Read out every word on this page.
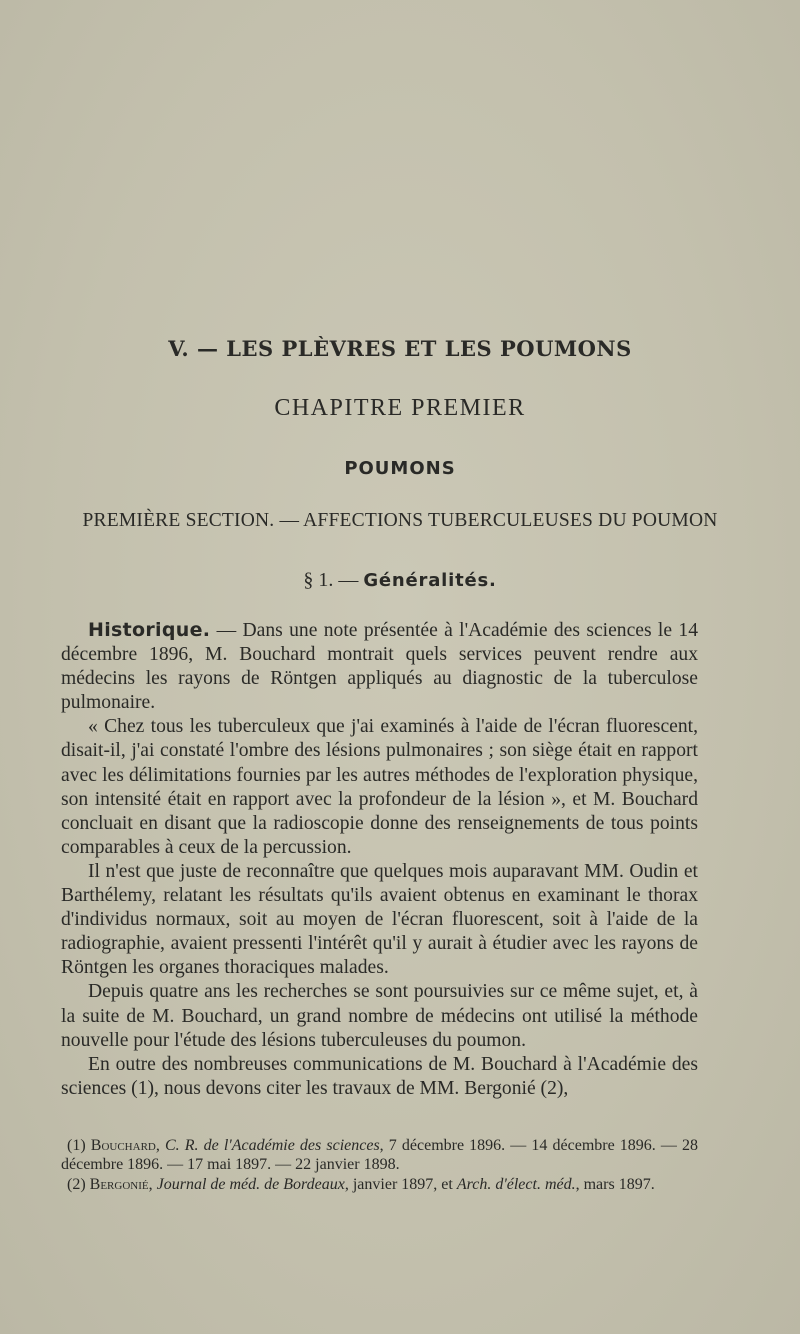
V. — LES PLÈVRES ET LES POUMONS
CHAPITRE PREMIER
POUMONS
PREMIÈRE SECTION. — AFFECTIONS TUBERCULEUSES DU POUMON
§ 1. — Généralités.

Historique. — Dans une note présentée à l'Académie des sciences le 14 décembre 1896, M. Bouchard montrait quels services peuvent rendre aux médecins les rayons de Röntgen appliqués au diagnostic de la tuberculose pulmonaire.

« Chez tous les tuberculeux que j'ai examinés à l'aide de l'écran fluorescent, disait-il, j'ai constaté l'ombre des lésions pulmonaires ; son siège était en rapport avec les délimitations fournies par les autres méthodes de l'exploration physique, son intensité était en rapport avec la profondeur de la lésion », et M. Bouchard concluait en disant que la radioscopie donne des renseignements de tous points comparables à ceux de la percussion.

Il n'est que juste de reconnaître que quelques mois auparavant MM. Oudin et Barthélemy, relatant les résultats qu'ils avaient obtenus en examinant le thorax d'individus normaux, soit au moyen de l'écran fluorescent, soit à l'aide de la radiographie, avaient pressenti l'intérêt qu'il y aurait à étudier avec les rayons de Röntgen les organes thoraciques malades.

Depuis quatre ans les recherches se sont poursuivies sur ce même sujet, et, à la suite de M. Bouchard, un grand nombre de médecins ont utilisé la méthode nouvelle pour l'étude des lésions tuberculeuses du poumon.

En outre des nombreuses communications de M. Bouchard à l'Académie des sciences (1), nous devons citer les travaux de MM. Bergonié (2),

(1) Bouchard, C. R. de l'Académie des sciences, 7 décembre 1896. — 14 décembre 1896. — 28 décembre 1896. — 17 mai 1897. — 22 janvier 1898.

(2) Bergonié, Journal de méd. de Bordeaux, janvier 1897, et Arch. d'élect. méd., mars 1897.
